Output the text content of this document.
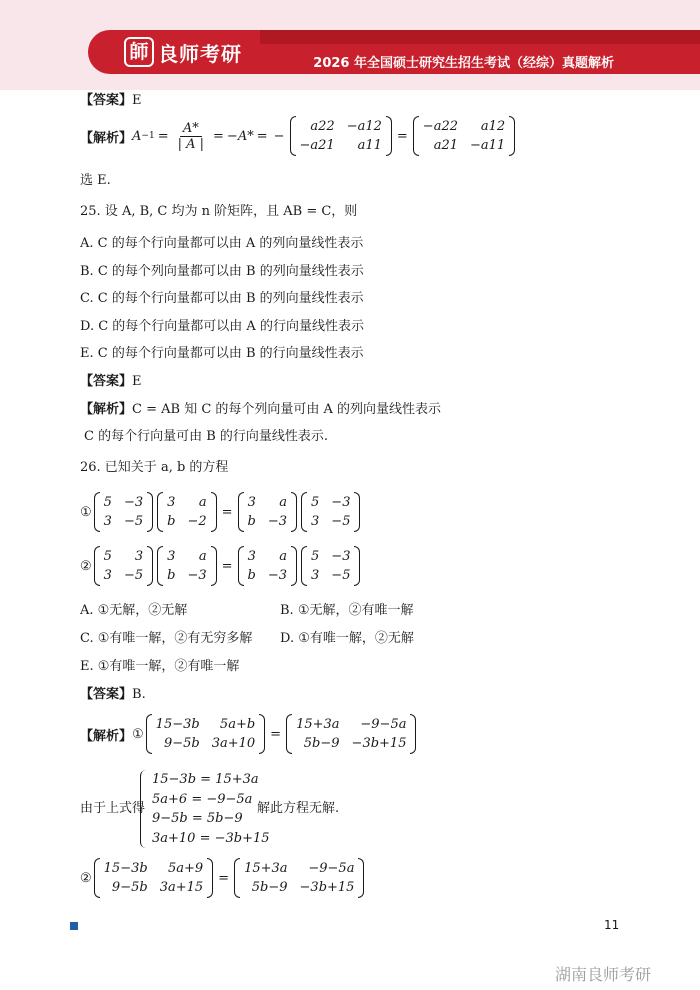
師 良师考研	2026 年全国硕士研究生招生考试（经综）真题解析
【答案】E
【解析】 $A -1 = \frac{A*}{| A |} = -A*$ = −
a22 −a12
−a21	a11
=
−a22	a12
a21 −a11
选 E.
25. 设 A, B, C 均为 n 阶矩阵，且 AB = C，则
A. C 的每个行向量都可以由 A 的列向量线性表示
B. C 的每个列向量都可以由 B 的列向量线性表示
C. C 的每个行向量都可以由 B 的列向量线性表示
D. C 的每个行向量都可以由 A 的行向量线性表示
E. C 的每个行向量都可以由 B 的行向量线性表示
【答案】E
【解析】C = AB 知 C 的每个列向量可由 A 的列向量线性表示
C 的每个行向量可由 B 的行向量线性表示.
26. 已知关于 a, b 的方程
①
5 −3
3 −5
3	a
b −2
=
3	a
b −3
5 −3
3 −5
②
5	3
3 −5
3	a
b −3
=
3	a
b −3
5 −3
3 −5
A. ①无解，②无解	B. ①无解，②有唯一解
C. ①有唯一解，②有无穷多解 D. ①有唯一解，②无解
E. ①有唯一解，②有唯一解
【答案】B.
【解析】 ①
15−3b	5a+b
9−5b 3a+10
=
15+3a	−9−5a
5b−9 −3b+15
由于上式得
15−3b = 15+3a
5a+6 = −9−5a
9−5b = 5b−9
3a+10 = −3b+15
解此方程无解.
②
15−3b	5a+9
9−5b 3a+15
=
15+3a	−9−5a
5b−9 −3b+15
11
湖南良师考研
